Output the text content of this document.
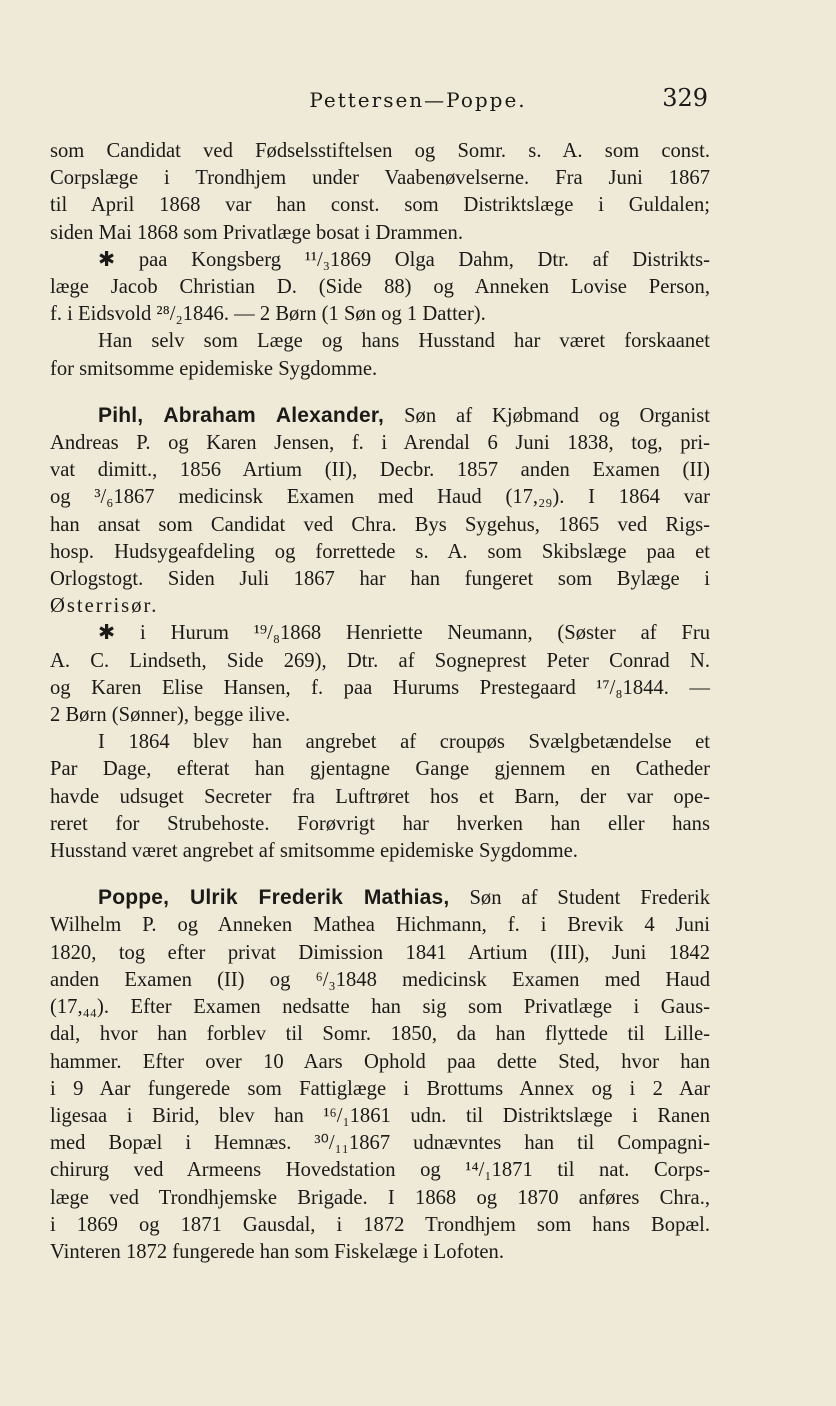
Pettersen—Poppe.	329
som Candidat ved Fødselsstiftelsen og Somr. s. A. som const.
Corpslæge i Trondhjem under Vaabenøvelserne. Fra Juni 1867
til April 1868 var han const. som Distriktslæge i Guldalen;
siden Mai 1868 som Privatlæge bosat i Drammen.
✱ paa Kongsberg ¹¹/₃1869 Olga Dahm, Dtr. af Distrikts-
læge Jacob Christian D. (Side 88) og Anneken Lovise Person,
f. i Eidsvold ²⁸/₂1846. — 2 Børn (1 Søn og 1 Datter).
Han selv som Læge og hans Husstand har været forskaanet
for smitsomme epidemiske Sygdomme.
Pihl, Abraham Alexander, Søn af Kjøbmand og Organist
Andreas P. og Karen Jensen, f. i Arendal 6 Juni 1838, tog, pri-
vat dimitt., 1856 Artium (II), Decbr. 1857 anden Examen (II)
og ³/₆1867 medicinsk Examen med Haud (17,₂₉). I 1864 var
han ansat som Candidat ved Chra. Bys Sygehus, 1865 ved Rigs-
hosp. Hudsygeafdeling og forrettede s. A. som Skibslæge paa et
Orlogstogt. Siden Juli 1867 har han fungeret som Bylæge i
Østerrisør.
✱ i Hurum ¹⁹/₈1868 Henriette Neumann, (Søster af Fru
A. C. Lindseth, Side 269), Dtr. af Sogneprest Peter Conrad N.
og Karen Elise Hansen, f. paa Hurums Prestegaard ¹⁷/₈1844. —
2 Børn (Sønner), begge ilive.
I 1864 blev han angrebet af croupøs Svælgbetændelse et
Par Dage, efterat han gjentagne Gange gjennem en Catheder
havde udsuget Secreter fra Luftrøret hos et Barn, der var ope-
reret for Strubehoste. Forøvrigt har hverken han eller hans
Husstand været angrebet af smitsomme epidemiske Sygdomme.
Poppe, Ulrik Frederik Mathias, Søn af Student Frederik
Wilhelm P. og Anneken Mathea Hichmann, f. i Brevik 4 Juni
1820, tog efter privat Dimission 1841 Artium (III), Juni 1842
anden Examen (II) og ⁶/₃1848 medicinsk Examen med Haud
(17,₄₄). Efter Examen nedsatte han sig som Privatlæge i Gaus-
dal, hvor han forblev til Somr. 1850, da han flyttede til Lille-
hammer. Efter over 10 Aars Ophold paa dette Sted, hvor han
i 9 Aar fungerede som Fattiglæge i Brottums Annex og i 2 Aar
ligesaa i Birid, blev han ¹⁶/₁1861 udn. til Distriktslæge i Ranen
med Bopæl i Hemnæs. ³⁰/₁₁1867 udnævntes han til Compagni-
chirurg ved Armeens Hovedstation og ¹⁴/₁1871 til nat. Corps-
læge ved Trondhjemske Brigade. I 1868 og 1870 anføres Chra.,
i 1869 og 1871 Gausdal, i 1872 Trondhjem som hans Bopæl.
Vinteren 1872 fungerede han som Fiskelæge i Lofoten.
